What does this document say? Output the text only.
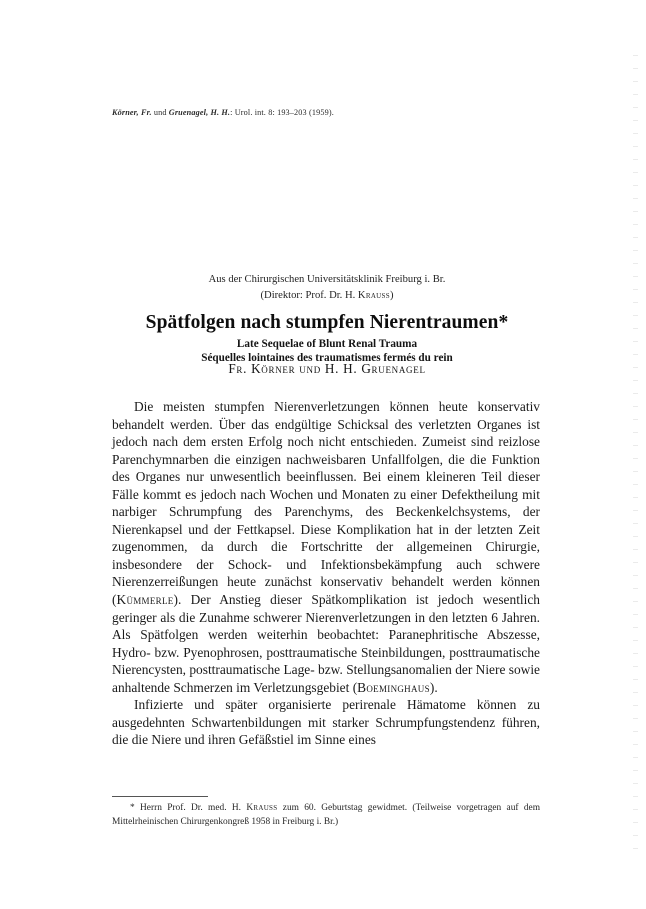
Körner, Fr. und Gruenagel, H. H.: Urol. int. 8: 193–203 (1959).
Aus der Chirurgischen Universitätsklinik Freiburg i. Br.
(Direktor: Prof. Dr. H. Krauss)
Spätfolgen nach stumpfen Nierentraumen*
Late Sequelae of Blunt Renal Trauma
Séquelles lointaines des traumatismes fermés du rein
Fr. Körner und H. H. Gruenagel

Die meisten stumpfen Nierenverletzungen können heute konservativ behandelt werden. Über das endgültige Schicksal des verletzten Organes ist jedoch nach dem ersten Erfolg noch nicht entschieden. Zumeist sind reizlose Parenchymnarben die einzigen nachweisbaren Unfallfolgen, die die Funktion des Organes nur unwesentlich beeinflussen. Bei einem kleineren Teil dieser Fälle kommt es jedoch nach Wochen und Monaten zu einer Defektheilung mit narbiger Schrumpfung des Parenchyms, des Beckenkelchsystems, der Nierenkapsel und der Fettkapsel. Diese Komplikation hat in der letzten Zeit zugenommen, da durch die Fortschritte der allgemeinen Chirurgie, insbesondere der Schock- und Infektionsbekämpfung auch schwere Nierenzerreißungen heute zunächst konservativ behandelt werden können (Kümmerle). Der Anstieg dieser Spätkomplikation ist jedoch wesentlich geringer als die Zunahme schwerer Nierenverletzungen in den letzten 6 Jahren. Als Spätfolgen werden weiterhin beobachtet: Paranephritische Abszesse, Hydro- bzw. Pyenophrosen, posttraumatische Steinbildungen, posttraumatische Nierencysten, posttraumatische Lage- bzw. Stellungsanomalien der Niere sowie anhaltende Schmerzen im Verletzungsgebiet (Boeminghaus).

Infizierte und später organisierte perirenale Hämatome können zu ausgedehnten Schwartenbildungen mit starker Schrumpfungstendenz führen, die die Niere und ihren Gefäßstiel im Sinne eines

* Herrn Prof. Dr. med. H. Krauss zum 60. Geburtstag gewidmet. (Teilweise vorgetragen auf dem Mittelrheinischen Chirurgenkongreß 1958 in Freiburg i. Br.)
